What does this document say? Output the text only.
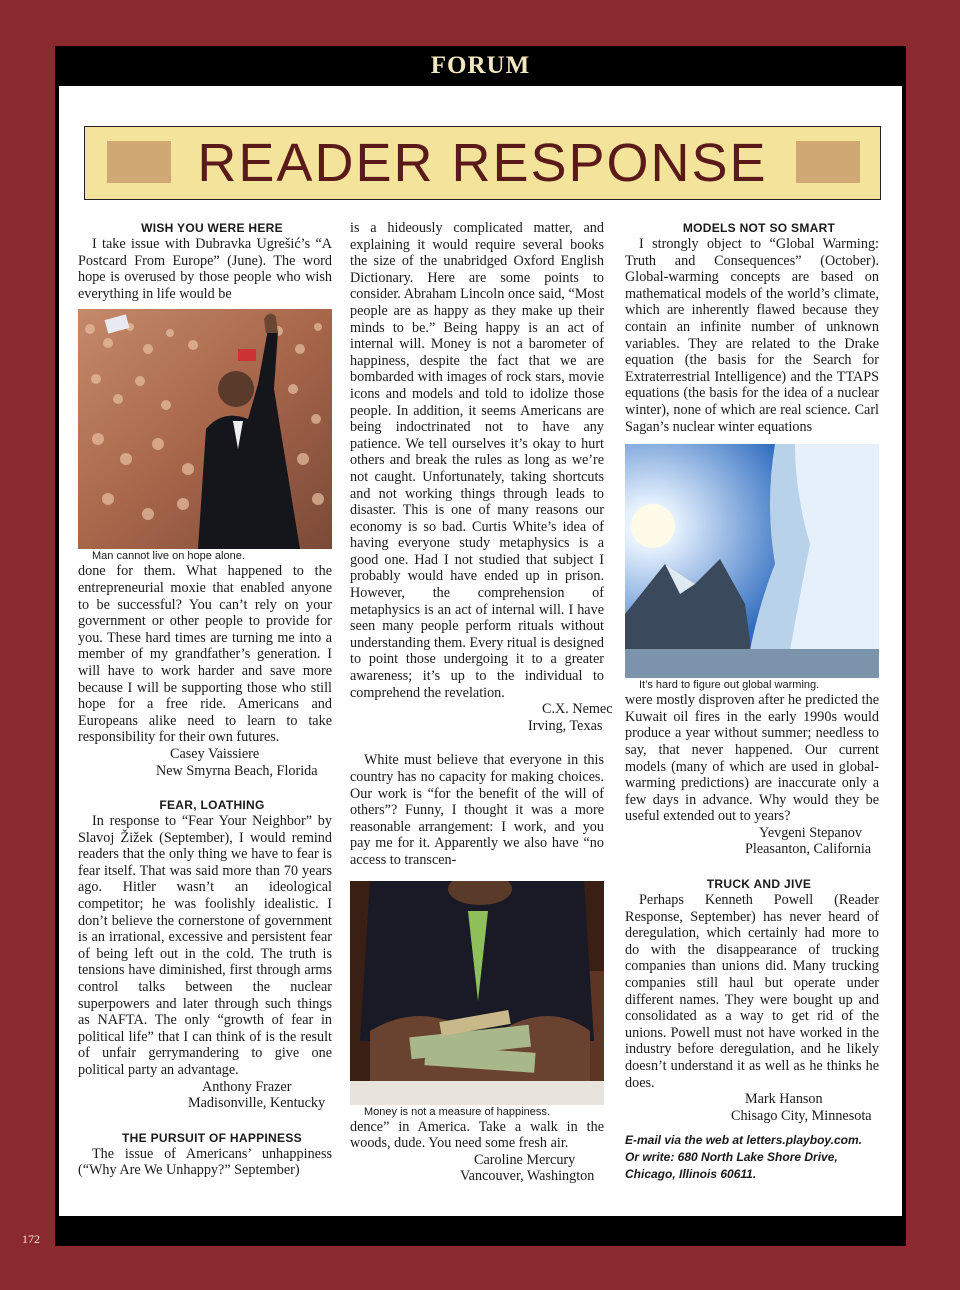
FORUM
172
READER RESPONSE

WISH YOU WERE HERE

I take issue with Dubravka Ugrešić’s “A Postcard From Europe” (June). The word hope is overused by those people who wish everything in life would be

Man cannot live on hope alone.

done for them. What happened to the entrepreneurial moxie that enabled anyone to be successful? You can’t rely on your government or other people to provide for you. These hard times are turning me into a member of my grandfather’s generation. I will have to work harder and save more because I will be supporting those who still hope for a free ride. Americans and Europeans alike need to learn to take responsibility for their own futures.

Casey Vaissiere
New Smyrna Beach, Florida

FEAR, LOATHING

In response to “Fear Your Neighbor” by Slavoj Žižek (September), I would remind readers that the only thing we have to fear is fear itself. That was said more than 70 years ago. Hitler wasn’t an ideological competitor; he was foolishly idealistic. I don’t believe the cornerstone of government is an irrational, excessive and persistent fear of being left out in the cold. The truth is tensions have diminished, first through arms control talks between the nuclear superpowers and later through such things as NAFTA. The only “growth of fear in political life” that I can think of is the result of unfair gerrymandering to give one political party an advantage.

Anthony Frazer
Madisonville, Kentucky

THE PURSUIT OF HAPPINESS

The issue of Americans’ unhappiness (“Why Are We Unhappy?” September)

is a hideously complicated matter, and explaining it would require several books the size of the unabridged Oxford English Dictionary. Here are some points to consider. Abraham Lincoln once said, “Most people are as happy as they make up their minds to be.” Being happy is an act of internal will. Money is not a barometer of happiness, despite the fact that we are bombarded with images of rock stars, movie icons and models and told to idolize those people. In addition, it seems Americans are being indoctrinated not to have any patience. We tell ourselves it’s okay to hurt others and break the rules as long as we’re not caught. Unfortunately, taking shortcuts and not working things through leads to disaster. This is one of many reasons our economy is so bad. Curtis White’s idea of having everyone study metaphysics is a good one. Had I not studied that subject I probably would have ended up in prison. However, the comprehension of metaphysics is an act of internal will. I have seen many people perform rituals without understanding them. Every ritual is designed to point those undergoing it to a greater awareness; it’s up to the individual to comprehend the revelation.

C.X. Nemec
Irving, Texas

White must believe that everyone in this country has no capacity for making choices. Our work is “for the benefit of the will of others”? Funny, I thought it was a more reasonable arrangement: I work, and you pay me for it. Apparently we also have “no access to transcen-

Money is not a measure of happiness.

dence” in America. Take a walk in the woods, dude. You need some fresh air.

Caroline Mercury
Vancouver, Washington

MODELS NOT SO SMART

I strongly object to “Global Warming: Truth and Consequences” (October). Global-warming concepts are based on mathematical models of the world’s climate, which are inherently flawed because they contain an infinite number of unknown variables. They are related to the Drake equation (the basis for the Search for Extraterrestrial Intelligence) and the TTAPS equations (the basis for the idea of a nuclear winter), none of which are real science. Carl Sagan’s nuclear winter equations

It’s hard to figure out global warming.

were mostly disproven after he predicted the Kuwait oil fires in the early 1990s would produce a year without summer; needless to say, that never happened. Our current models (many of which are used in global-warming predictions) are inaccurate only a few days in advance. Why would they be useful extended out to years?

Yevgeni Stepanov
Pleasanton, California

TRUCK AND JIVE

Perhaps Kenneth Powell (Reader Response, September) has never heard of deregulation, which certainly had more to do with the disappearance of trucking companies than unions did. Many trucking companies still haul but operate under different names. They were bought up and consolidated as a way to get rid of the unions. Powell must not have worked in the industry before deregulation, and he likely doesn’t understand it as well as he thinks he does.

Mark Hanson
Chisago City, Minnesota

E-mail via the web at letters.playboy.com.
Or write: 680 North Lake Shore Drive,
Chicago, Illinois 60611.
